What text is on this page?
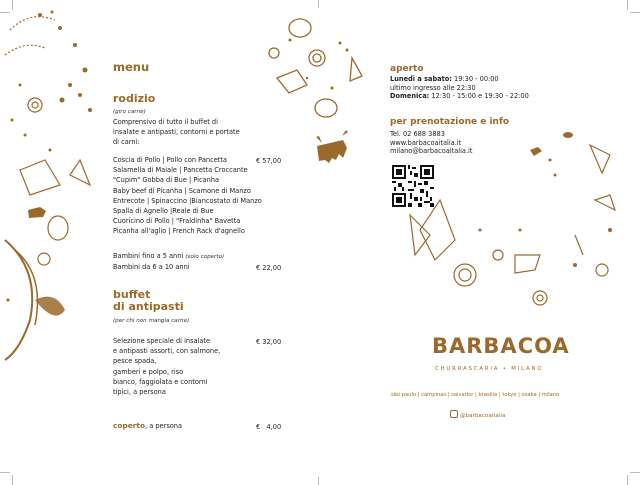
menu
rodizio
(giro carne)
Comprensivo di tutto il buffet di
insalate e antipasti, contorni e portate
di carni:
Coscia di Pollo | Pollo con Pancetta
Salamella di Maiale | Pancetta Croccante
"Cupim" Gobba di Bue | Picanha
Baby beef di Picanha | Scamone di Manzo
Entrecote | Spinaccino |Biancostato di Manzo
Spalla di Agnello |Reale di Bue
Cuoricino di Pollo | "Fraldinha" Bavetta
Picanha all'aglio | French Rack d'agnello
€ 57,00
Bambini fino a 5 anni (solo coperto)
Bambini da 6 a 10 anni	€ 22,00
buffet
di antipasti
(per chi non mangia carne)
Selezione speciale di insalate
e antipasti assorti, con salmone,
pesce spada,
gamberi e polpo, riso
bianco, faggiolata e contorni
tipici, a persona
€ 32,00
coperto, a persona	€   4,00
aperto
Lunedì a sabato: 19:30 - 00:00
ultimo ingresso alle 22:30
Domenica: 12:30 - 15:00 e 19:30 - 22:00
per prenotazione e info
Tel. 02 688 3883
www.barbacoaitalia.it
milano@barbacoaitalia.it
BARBACOA
CHURRASCARIA • MILANO
são paulo | campinas | salvador | brasília | tokyo | osaka | milano
@barbacoaitalia
